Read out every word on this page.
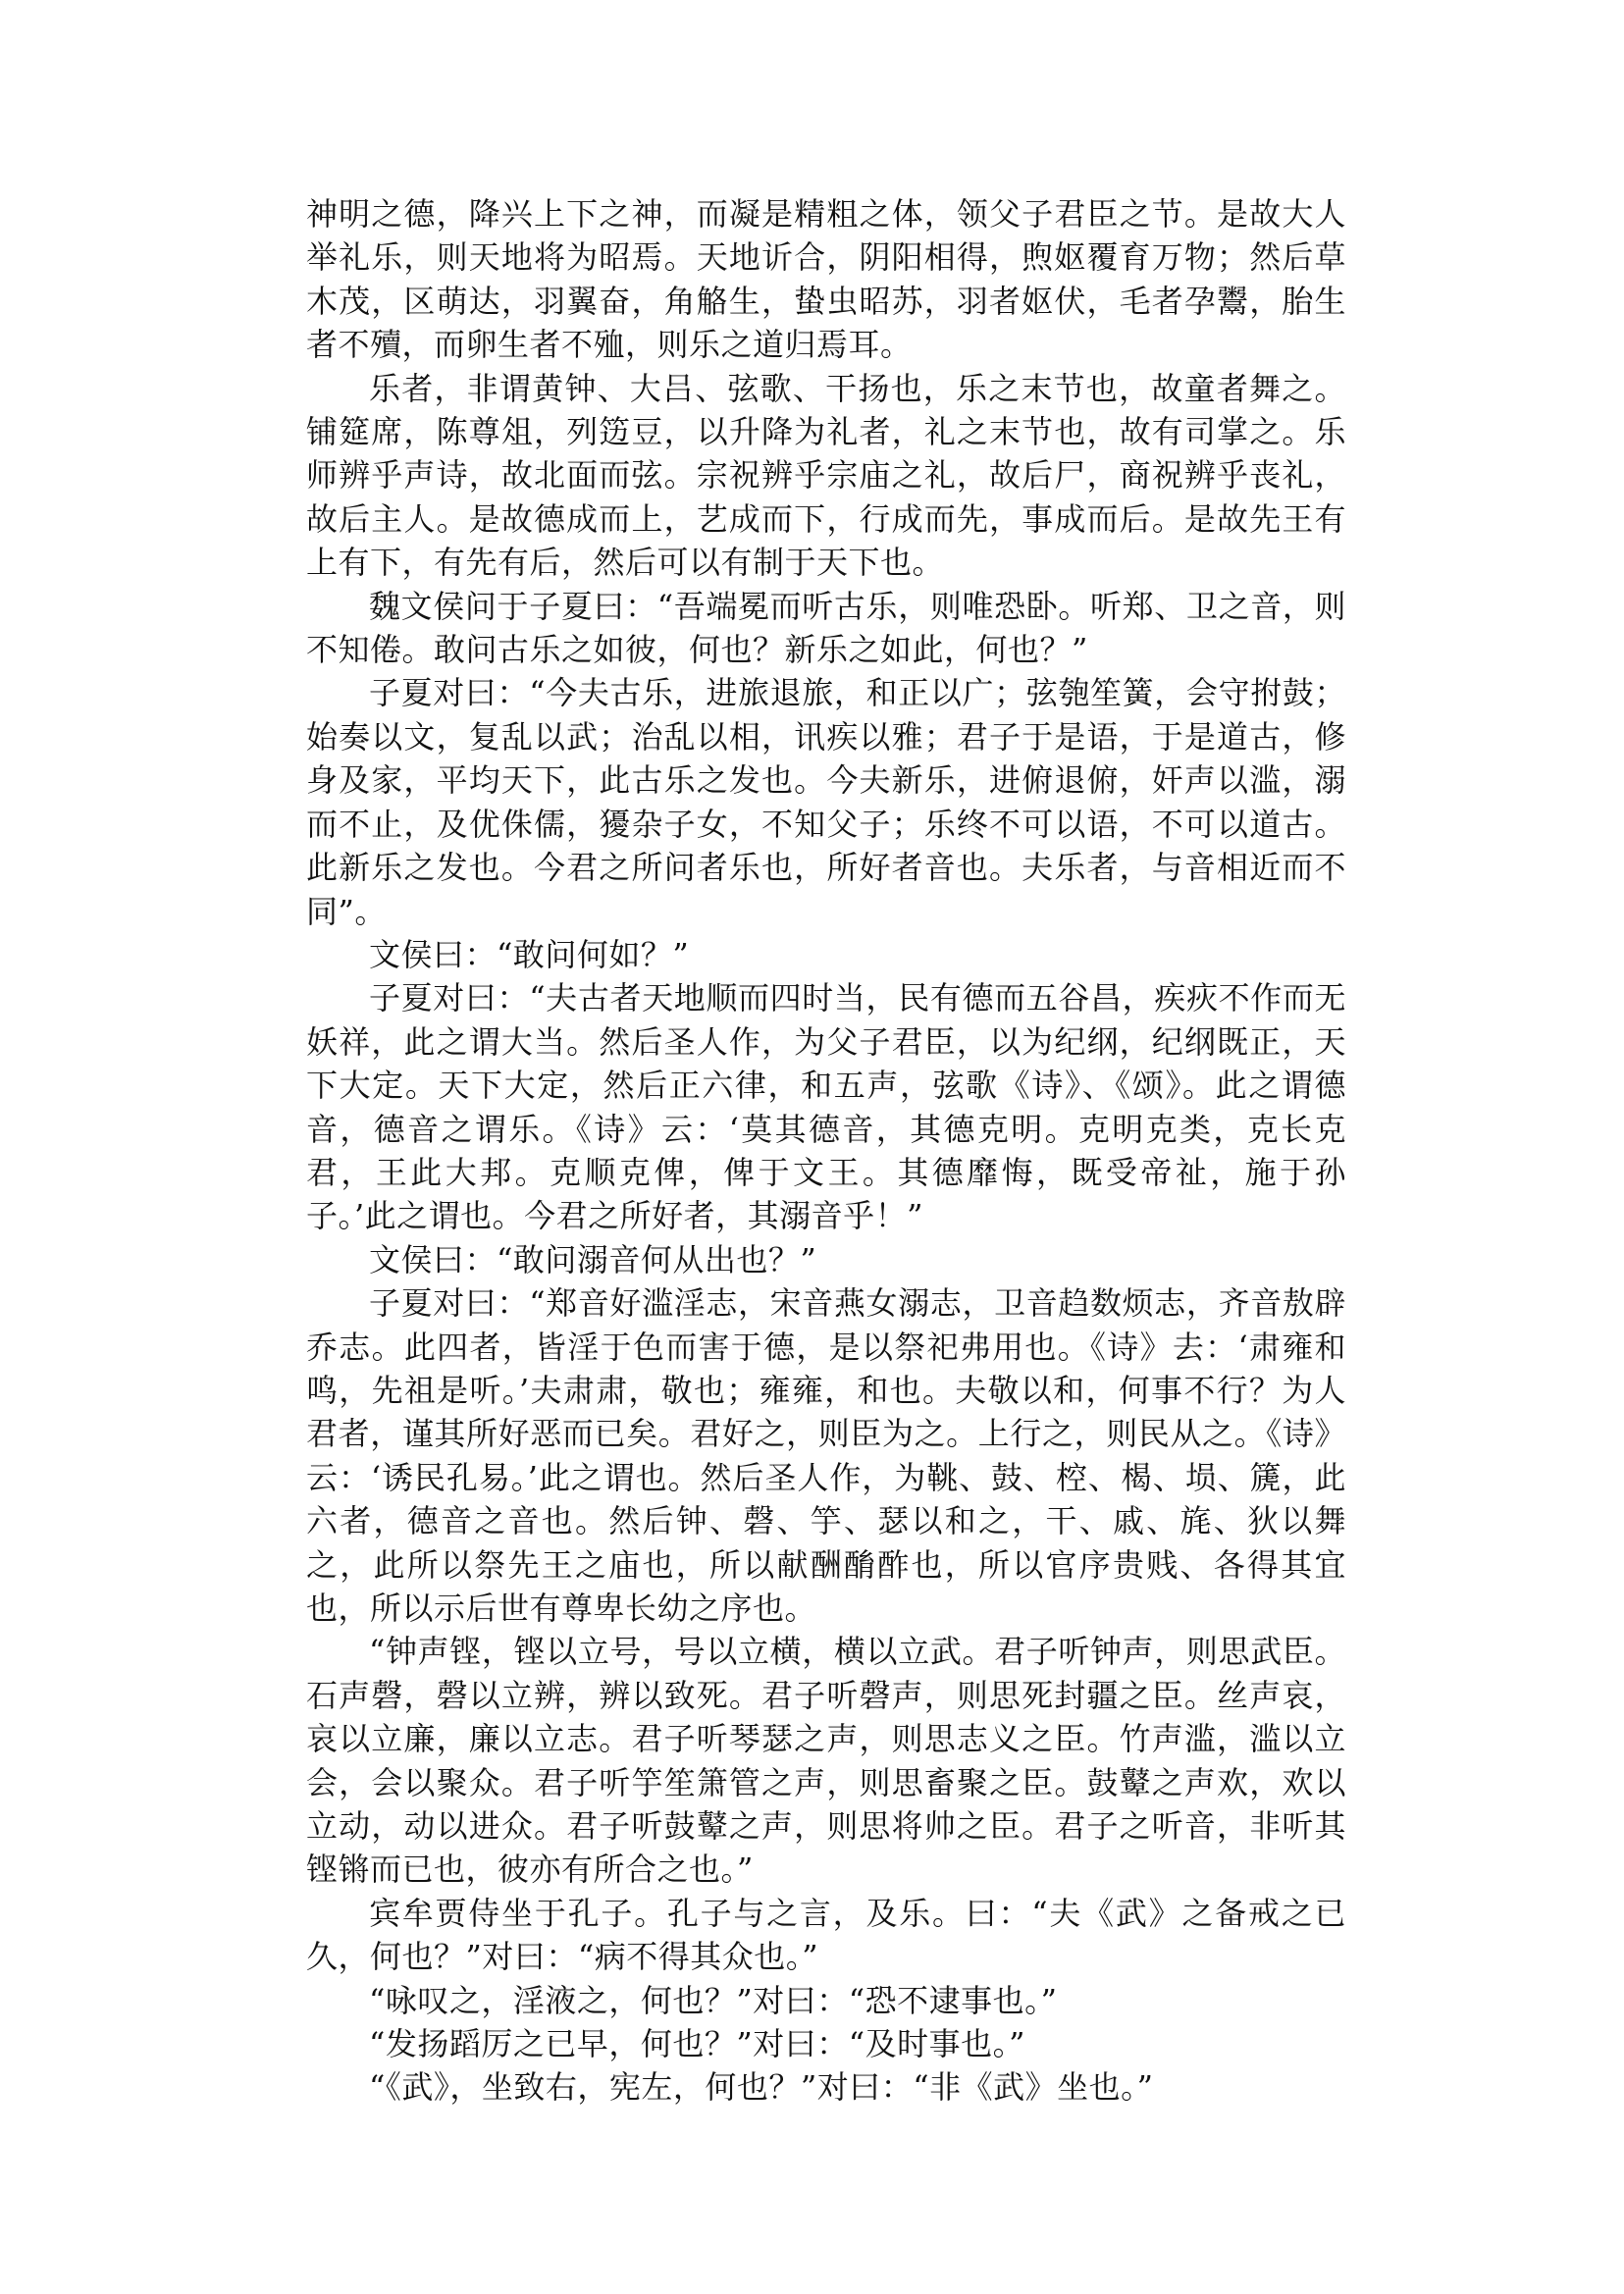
神明之德，降兴上下之神，而凝是精粗之体，领父子君臣之节。是故大人举礼乐，则天地将为昭焉。天地䜣合，阴阳相得，煦妪覆育万物；然后草木茂，区萌达，羽翼奋，角觡生，蛰虫昭苏，羽者妪伏，毛者孕鬻，胎生者不殰，而卵生者不殈，则乐之道归焉耳。

乐者，非谓黄钟、大吕、弦歌、干扬也，乐之末节也，故童者舞之。铺筵席，陈尊俎，列笾豆，以升降为礼者，礼之末节也，故有司掌之。乐师辨乎声诗，故北面而弦。宗祝辨乎宗庙之礼，故后尸，商祝辨乎丧礼，故后主人。是故德成而上，艺成而下，行成而先，事成而后。是故先王有上有下，有先有后，然后可以有制于天下也。

魏文侯问于子夏曰：“吾端冕而听古乐，则唯恐卧。听郑、卫之音，则不知倦。敢问古乐之如彼，何也？新乐之如此，何也？”

子夏对曰：“今夫古乐，进旅退旅，和正以广；弦匏笙簧，会守拊鼓；始奏以文，复乱以武；治乱以相，讯疾以雅；君子于是语，于是道古，修身及家，平均天下，此古乐之发也。今夫新乐，进俯退俯，奸声以滥，溺而不止，及优侏儒，獶杂子女，不知父子；乐终不可以语，不可以道古。此新乐之发也。今君之所问者乐也，所好者音也。夫乐者，与音相近而不同”。

文侯曰：“敢问何如？”

子夏对曰：“夫古者天地顺而四时当，民有德而五谷昌，疾疢不作而无妖祥，此之谓大当。然后圣人作，为父子君臣，以为纪纲，纪纲既正，天下大定。天下大定，然后正六律，和五声，弦歌《诗》、《颂》。此之谓德音，德音之谓乐。《诗》云：‘莫其德音，其德克明。克明克类，克长克君，王此大邦。克顺克俾，俾于文王。其德靡悔，既受帝祉，施于孙子。’此之谓也。今君之所好者，其溺音乎！”

文侯曰：“敢问溺音何从出也？”

子夏对曰：“郑音好滥淫志，宋音燕女溺志，卫音趋数烦志，齐音敖辟乔志。此四者，皆淫于色而害于德，是以祭祀弗用也。《诗》去：‘肃雍和鸣，先祖是听。’夫肃肃，敬也；雍雍，和也。夫敬以和，何事不行？为人君者，谨其所好恶而已矣。君好之，则臣为之。上行之，则民从之。《诗》云：‘诱民孔易。’此之谓也。然后圣人作，为鞉、鼓、椌、楬、埙、篪，此六者，德音之音也。然后钟、磬、竽、瑟以和之，干、戚、旄、狄以舞之，此所以祭先王之庙也，所以献酬酳酢也，所以官序贵贱、各得其宜也，所以示后世有尊卑长幼之序也。

“钟声铿，铿以立号，号以立横，横以立武。君子听钟声，则思武臣。石声磬，磬以立辨，辨以致死。君子听磬声，则思死封疆之臣。丝声哀，哀以立廉，廉以立志。君子听琴瑟之声，则思志义之臣。竹声滥，滥以立会，会以聚众。君子听竽笙箫管之声，则思畜聚之臣。鼓鼙之声欢，欢以立动，动以进众。君子听鼓鼙之声，则思将帅之臣。君子之听音，非听其铿锵而已也，彼亦有所合之也。”

宾牟贾侍坐于孔子。孔子与之言，及乐。曰：“夫《武》之备戒之已久，何也？”对曰：“病不得其众也。”

“咏叹之，淫液之，何也？”对曰：“恐不逮事也。”

“发扬蹈厉之已早，何也？”对曰：“及时事也。”

“《武》，坐致右，宪左，何也？”对曰：“非《武》坐也。”
